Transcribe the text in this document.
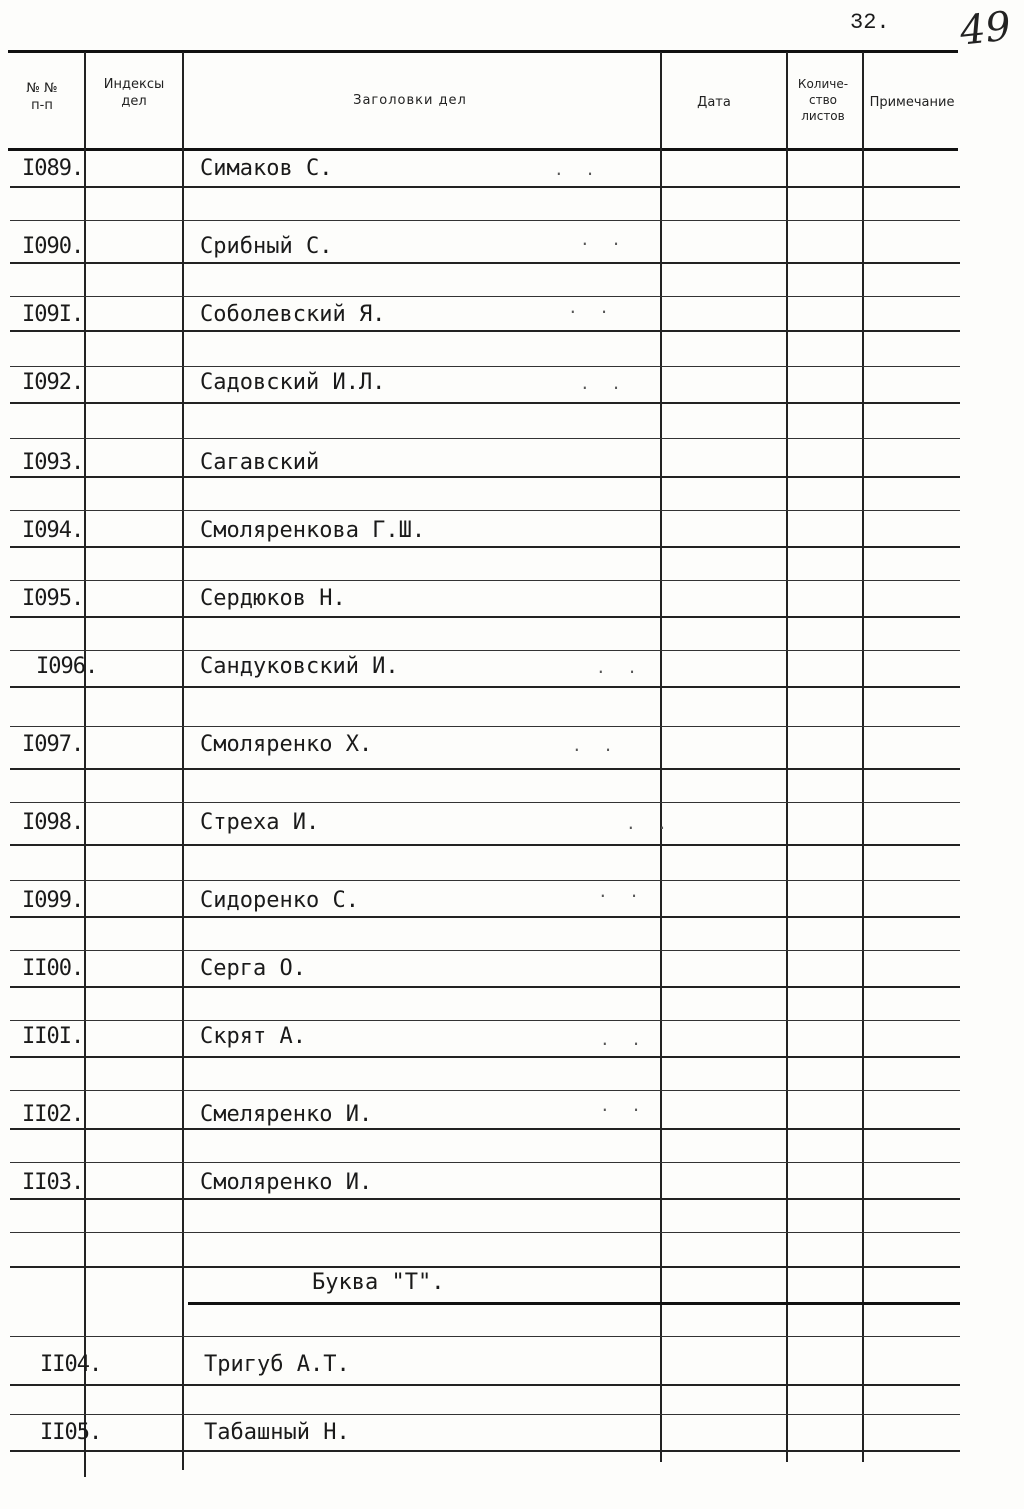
32. 49
№ №
п-п
Индексы
дел	Заголовки дел	Дата
Количе-
ство
листов
Примечание
I089.
I090.
I09I.
I092.
I093.
I094.
I095.
I096.
I097.
I098.
I099.
II00.
II0I.
II02.
II03.
II04.
II05.
Симаков С.
Срибный С.
Соболевский Я.
Садовский И.Л.
Сагавский
Смоляренкова Г.Ш.
Сердюков Н.
Сандуковский И.
Смоляренко Х.
Стреха И.
Сидоренко С.
Серга О.
Скрят А.
Смеляренко И.
Смоляренко И.
Буква "Т".
Тригуб А.Т.
Табашный Н.
. .
. .
. .
. .
. .
. .
. .
. .
. .
. .
